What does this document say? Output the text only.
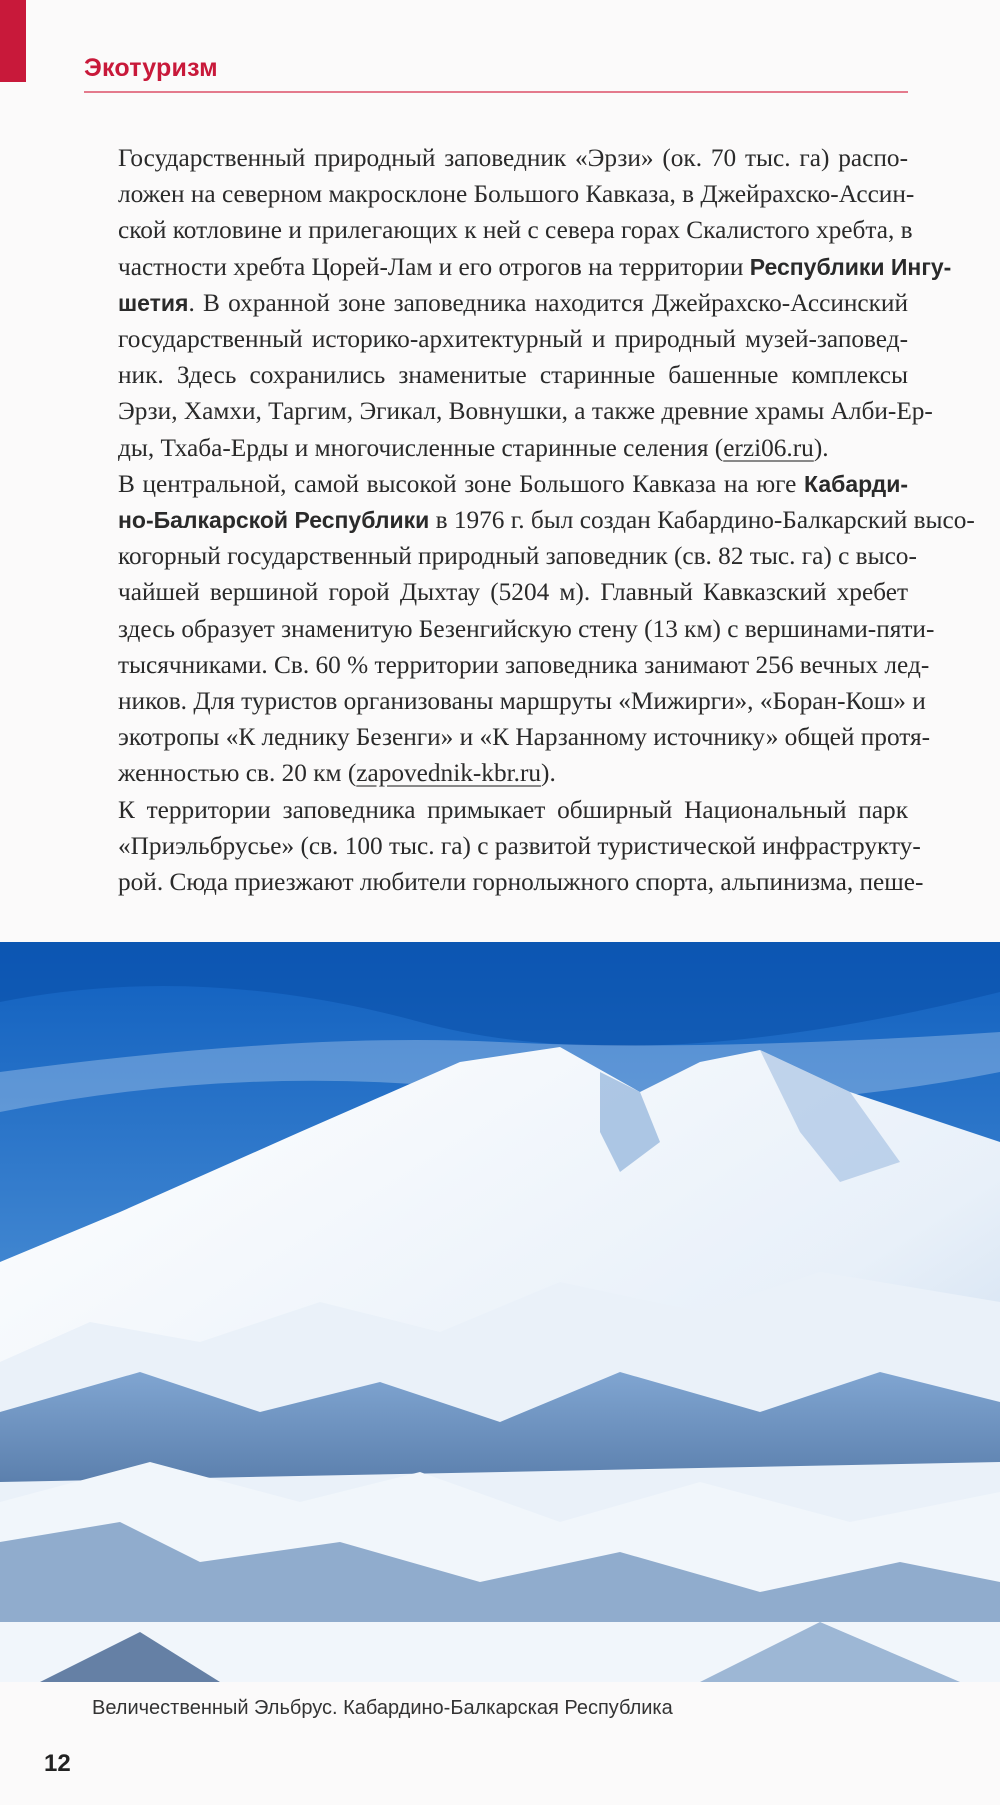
Экотуризм

Государственный природный заповедник «Эрзи» (ок. 70 тыс. га) распо-
ложен на северном макросклоне Большого Кавказа, в Джейрахско-Ассин-
ской котловине и прилегающих к ней с севера горах Скалистого хребта, в
частности хребта Цорей-Лам и его отрогов на территории Республики Ингу-
шетия. В охранной зоне заповедника находится Джейрахско-Ассинский
государственный историко-архитектурный и природный музей-заповед-
ник. Здесь сохранились знаменитые старинные башенные комплексы
Эрзи, Хамхи, Таргим, Эгикал, Вовнушки, а также древние храмы Алби-Ер-
ды, Тхаба-Ерды и многочисленные старинные селения (erzi06.ru).

В центральной, самой высокой зоне Большого Кавказа на юге Кабарди-
но-Балкарской Республики в 1976 г. был создан Кабардино-Балкарский высо-
когорный государственный природный заповедник (св. 82 тыс. га) с высо-
чайшей вершиной горой Дыхтау (5204 м). Главный Кавказский хребет
здесь образует знаменитую Безенгийскую стену (13 км) с вершинами-пяти-
тысячниками. Св. 60 % территории заповедника занимают 256 вечных лед-
ников. Для туристов организованы маршруты «Мижирги», «Боран-Кош» и
экотропы «К леднику Безенги» и «К Нарзанному источнику» общей протя-
женностью св. 20 км (zapovednik-kbr.ru).

К территории заповедника примыкает обширный Национальный парк
«Приэльбрусье» (св. 100 тыс. га) с развитой туристической инфраструкту-
рой. Сюда приезжают любители горнолыжного спорта, альпинизма, пеше-

Величественный Эльбрус. Кабардино-Балкарская Республика
12
